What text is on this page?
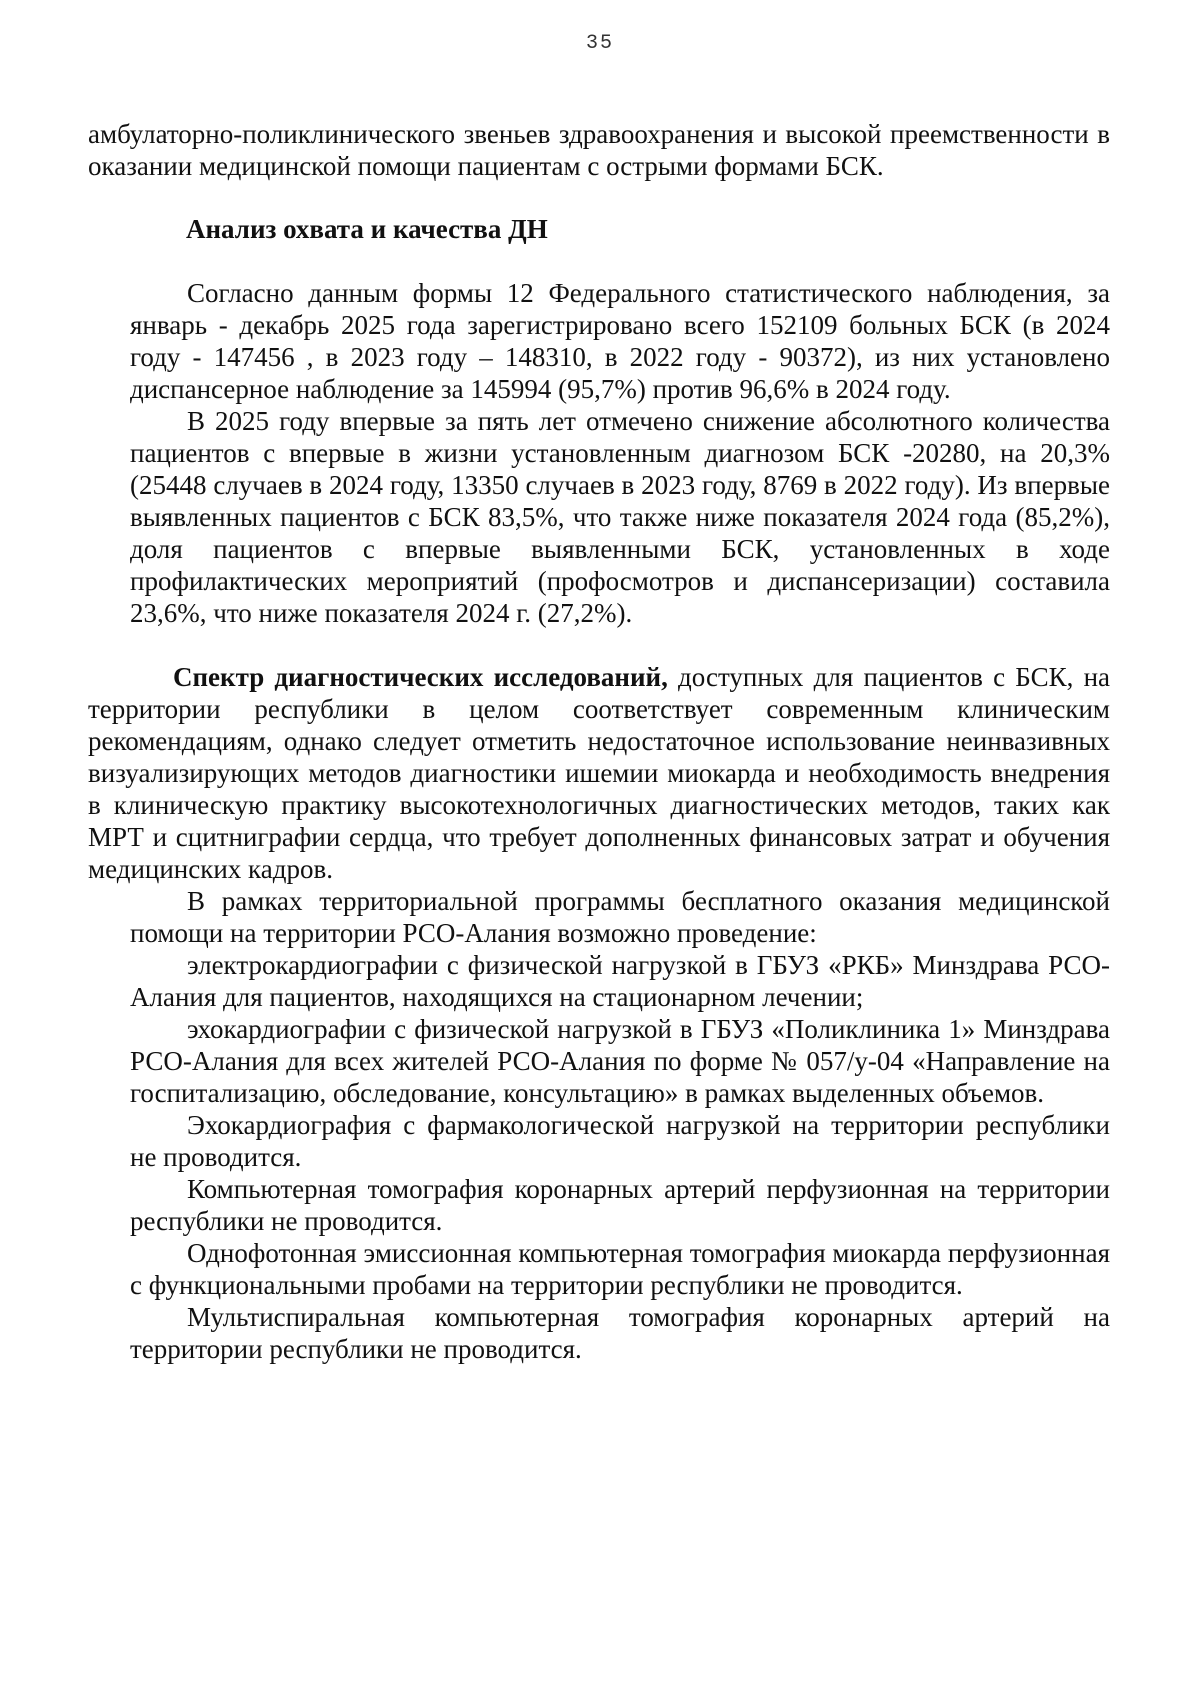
35

амбулаторно-поликлинического звеньев здравоохранения и высокой преемственности в оказании медицинской помощи пациентам с острыми формами БСК.

Анализ охвата и качества ДН

Согласно данным формы 12 Федерального статистического наблюдения, за январь - декабрь 2025 года зарегистрировано всего 152109 больных БСК (в 2024 году - 147456 , в 2023 году – 148310, в 2022 году - 90372), из них установлено диспансерное наблюдение за 145994 (95,7%) против 96,6% в 2024 году.

В 2025 году впервые за пять лет отмечено снижение абсолютного количества пациентов с впервые в жизни установленным диагнозом БСК -20280, на 20,3% (25448 случаев в 2024 году, 13350 случаев в 2023 году, 8769 в 2022 году). Из впервые выявленных пациентов с БСК 83,5%, что также ниже показателя 2024 года (85,2%), доля пациентов с впервые выявленными БСК, установленных в ходе профилактических мероприятий (профосмотров и диспансеризации) составила 23,6%, что ниже показателя 2024 г. (27,2%).

Спектр диагностических исследований, доступных для пациентов с БСК, на территории республики в целом соответствует современным клиническим рекомендациям, однако следует отметить недостаточное использование неинвазивных визуализирующих методов диагностики ишемии миокарда и необходимость внедрения в клиническую практику высокотехнологичных диагностических методов, таких как МРТ и сцитниграфии сердца, что требует дополненных финансовых затрат и обучения медицинских кадров.

В рамках территориальной программы бесплатного оказания медицинской помощи на территории РСО-Алания возможно проведение:

электрокардиографии с физической нагрузкой в ГБУЗ «РКБ» Минздрава РСО-Алания для пациентов, находящихся на стационарном лечении;

эхокардиографии с физической нагрузкой в ГБУЗ «Поликлиника 1» Минздрава РСО-Алания для всех жителей РСО-Алания по форме № 057/у-04 «Направление на госпитализацию, обследование, консультацию» в рамках выделенных объемов.

Эхокардиография с фармакологической нагрузкой на территории республики не проводится.

Компьютерная томография коронарных артерий перфузионная на территории республики не проводится.

Однофотонная эмиссионная компьютерная томография миокарда перфузионная с функциональными пробами на территории республики не проводится.

Мультиспиральная компьютерная томография коронарных артерий на территории республики не проводится.
